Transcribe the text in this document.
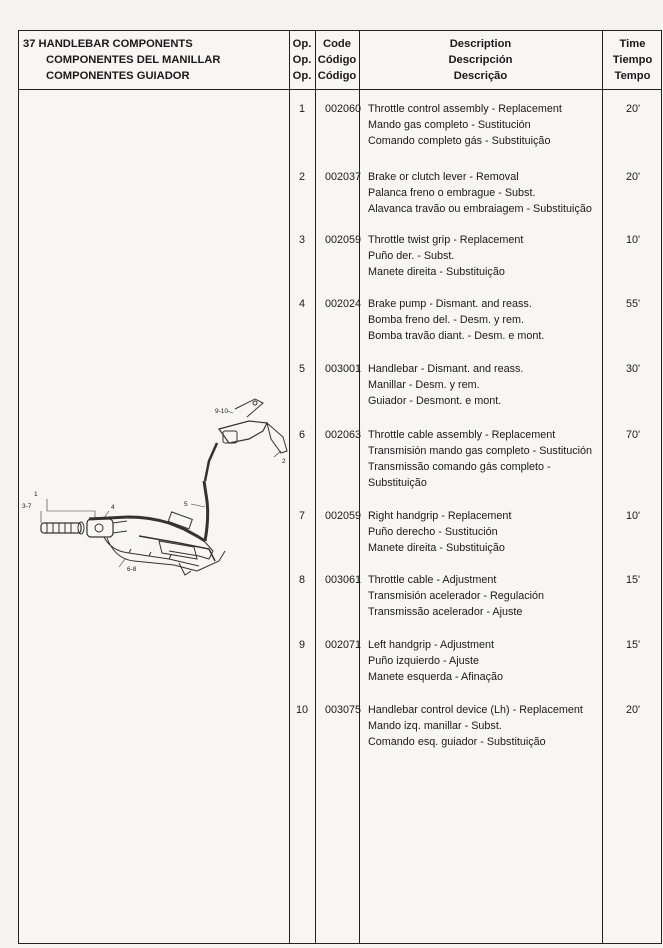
37 HANDLEBAR COMPONENTS
COMPONENTES DEL MANILLAR
COMPONENTES GUIADOR
Op.
Op.
Op.
Code
Código
Código
Description
Descripción
Descrição
Time
Tiempo
Tempo
1
3-7	4	5
9-10
2
6-8
1	002060 Throttle control assembly - Replacement
Mando gas completo - Sustitución
Comando completo gás - Substituição
20'
2	002037 Brake or clutch lever - Removal
Palanca freno o embrague - Subst.
Alavanca travão ou embraiagem - Substituição
20'
3	002059 Throttle twist grip - Replacement
Puño der. - Subst.
Manete direita - Substituição
10'
4	002024 Brake pump - Dismant. and reass.
Bomba freno del. - Desm. y rem.
Bomba travão diant. - Desm. e mont.
55'
5	003001 Handlebar - Dismant. and reass.
Manillar - Desm. y rem.
Guiador - Desmont. e mont.
30'
6	002063 Throttle cable assembly - Replacement
Transmisión mando gas completo - Sustitución
Transmissão comando gás completo -
Substituição
70'
7	002059 Right handgrip - Replacement
Puño derecho - Sustitución
Manete direita - Substituição
10'
8	003061 Throttle cable - Adjustment
Transmisión acelerador - Regulación
Transmissão acelerador - Ajuste
15'
9	002071 Left handgrip - Adjustment
Puño izquierdo - Ajuste
Manete esquerda - Afinação
15'
10	003075 Handlebar control device (Lh) - Replacement
Mando izq. manillar - Subst.
Comando esq. guiador - Substituição
20'
